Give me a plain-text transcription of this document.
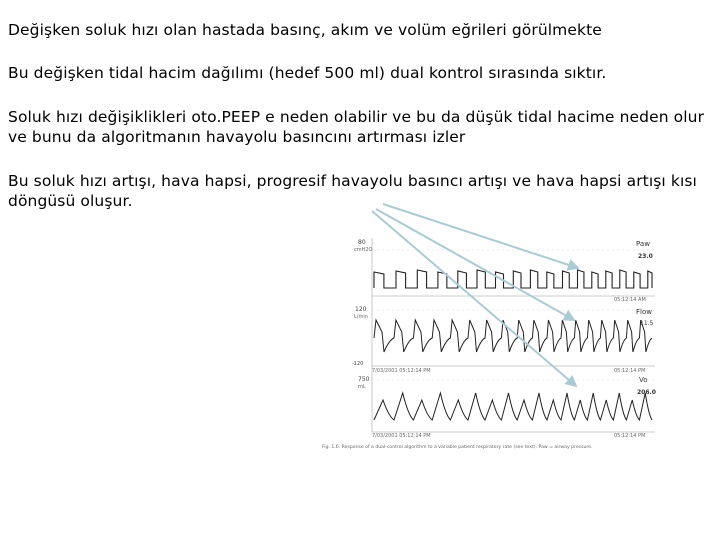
Değişken soluk hızı olan hastada basınç, akım ve volüm eğrileri görülmekte
Bu değişken tidal hacim dağılımı (hedef 500 ml) dual kontrol sırasında sıktır.
Soluk hızı değişiklikleri oto.PEEP e neden olabilir ve bu da düşük tidal hacime neden olur ve bunu da algoritmanın havayolu basıncını artırması izler
Bu soluk hızı artışı, hava hapsi, progresif havayolu basıncı artışı ve hava hapsi artışı kısı döngüsü oluşur.
80
cmH2O
Paw
23.0
05:12:14 AM
120
L/min
-120
Flow
11.5
7/03/2001 05:12:14 PM	05:12:14 PM
750
mL
Vo
206.0
7/03/2001 05:12:14 PM	05:12:14 PM
Fig. 1.6. Response of a dual-control algorithm to a variable patient respiratory rate (see text). Paw = airway pressure.
